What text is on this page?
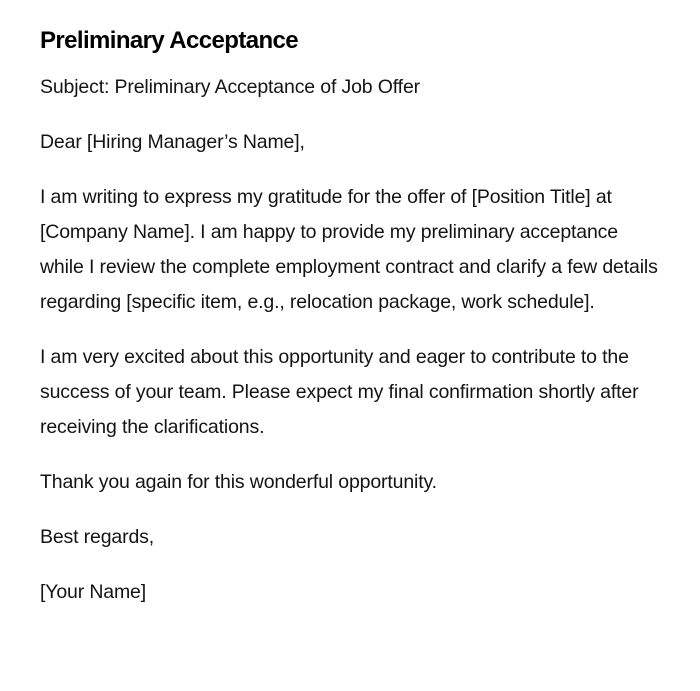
Preliminary Acceptance

Subject: Preliminary Acceptance of Job Offer

Dear [Hiring Manager’s Name],

I am writing to express my gratitude for the offer of [Position Title] at [Company Name]. I am happy to provide my preliminary acceptance while I review the complete employment contract and clarify a few details regarding [specific item, e.g., relocation package, work schedule].

I am very excited about this opportunity and eager to contribute to the success of your team. Please expect my final confirmation shortly after receiving the clarifications.

Thank you again for this wonderful opportunity.

Best regards,

[Your Name]
